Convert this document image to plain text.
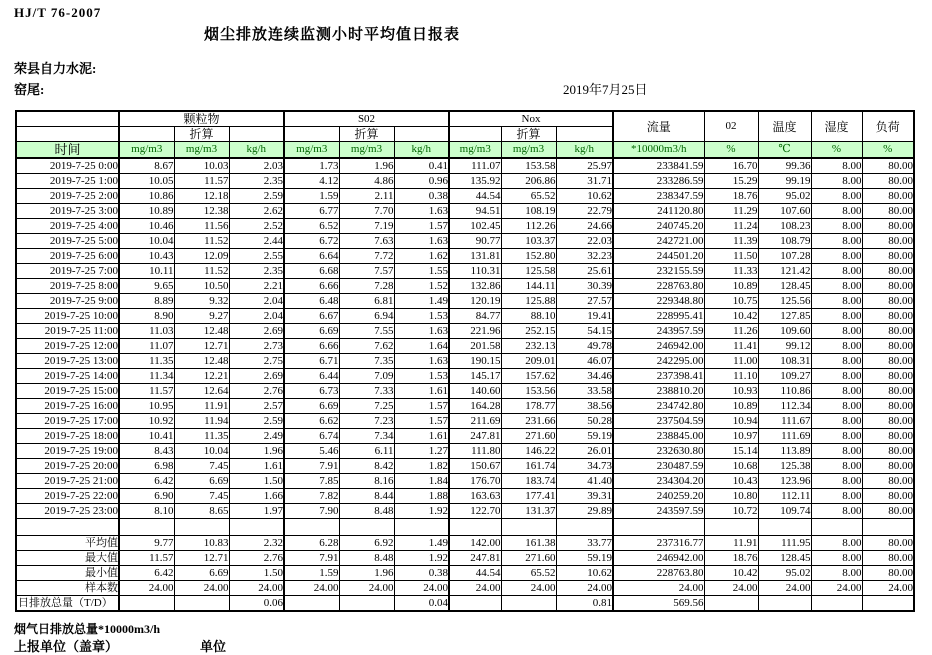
HJ/T 76-2007
烟尘排放连续监测小时平均值日报表
荣县自力水泥:
窑尾:	2019年7月25日
	颗粒物			S02			Nox			流量	02	温度	湿度	负荷
		折算			折算			折算						
时间	mg/m3	mg/m3	kg/h	mg/m3	mg/m3	kg/h	mg/m3	mg/m3	kg/h	*10000m3/h	%	℃	%	%
2019-7-25 0:00	8.67	10.03	2.03	1.73	1.96	0.41	111.07	153.58	25.97	233841.59	16.70	99.36	8.00	80.00
2019-7-25 1:00	10.05	11.57	2.35	4.12	4.86	0.96	135.92	206.86	31.71	233286.59	15.29	99.19	8.00	80.00
2019-7-25 2:00	10.86	12.18	2.59	1.59	2.11	0.38	44.54	65.52	10.62	238347.59	18.76	95.02	8.00	80.00
2019-7-25 3:00	10.89	12.38	2.62	6.77	7.70	1.63	94.51	108.19	22.79	241120.80	11.29	107.60	8.00	80.00
2019-7-25 4:00	10.46	11.56	2.52	6.52	7.19	1.57	102.45	112.26	24.66	240745.20	11.24	108.23	8.00	80.00
2019-7-25 5:00	10.04	11.52	2.44	6.72	7.63	1.63	90.77	103.37	22.03	242721.00	11.39	108.79	8.00	80.00
2019-7-25 6:00	10.43	12.09	2.55	6.64	7.72	1.62	131.81	152.80	32.23	244501.20	11.50	107.28	8.00	80.00
2019-7-25 7:00	10.11	11.52	2.35	6.68	7.57	1.55	110.31	125.58	25.61	232155.59	11.33	121.42	8.00	80.00
2019-7-25 8:00	9.65	10.50	2.21	6.66	7.28	1.52	132.86	144.11	30.39	228763.80	10.89	128.45	8.00	80.00
2019-7-25 9:00	8.89	9.32	2.04	6.48	6.81	1.49	120.19	125.88	27.57	229348.80	10.75	125.56	8.00	80.00
2019-7-25 10:00	8.90	9.27	2.04	6.67	6.94	1.53	84.77	88.10	19.41	228995.41	10.42	127.85	8.00	80.00
2019-7-25 11:00	11.03	12.48	2.69	6.69	7.55	1.63	221.96	252.15	54.15	243957.59	11.26	109.60	8.00	80.00
2019-7-25 12:00	11.07	12.71	2.73	6.66	7.62	1.64	201.58	232.13	49.78	246942.00	11.41	99.12	8.00	80.00
2019-7-25 13:00	11.35	12.48	2.75	6.71	7.35	1.63	190.15	209.01	46.07	242295.00	11.00	108.31	8.00	80.00
2019-7-25 14:00	11.34	12.21	2.69	6.44	7.09	1.53	145.17	157.62	34.46	237398.41	11.10	109.27	8.00	80.00
2019-7-25 15:00	11.57	12.64	2.76	6.73	7.33	1.61	140.60	153.56	33.58	238810.20	10.93	110.86	8.00	80.00
2019-7-25 16:00	10.95	11.91	2.57	6.69	7.25	1.57	164.28	178.77	38.56	234742.80	10.89	112.34	8.00	80.00
2019-7-25 17:00	10.92	11.94	2.59	6.62	7.23	1.57	211.69	231.66	50.28	237504.59	10.94	111.67	8.00	80.00
2019-7-25 18:00	10.41	11.35	2.49	6.74	7.34	1.61	247.81	271.60	59.19	238845.00	10.97	111.69	8.00	80.00
2019-7-25 19:00	8.43	10.04	1.96	5.46	6.11	1.27	111.80	146.22	26.01	232630.80	15.14	113.89	8.00	80.00
2019-7-25 20:00	6.98	7.45	1.61	7.91	8.42	1.82	150.67	161.74	34.73	230487.59	10.68	125.38	8.00	80.00
2019-7-25 21:00	6.42	6.69	1.50	7.85	8.16	1.84	176.70	183.74	41.40	234304.20	10.43	123.96	8.00	80.00
2019-7-25 22:00	6.90	7.45	1.66	7.82	8.44	1.88	163.63	177.41	39.31	240259.20	10.80	112.11	8.00	80.00
2019-7-25 23:00	8.10	8.65	1.97	7.90	8.48	1.92	122.70	131.37	29.89	243597.59	10.72	109.74	8.00	80.00

平均值	9.77	10.83	2.32	6.28	6.92	1.49	142.00	161.38	33.77	237316.77	11.91	111.95	8.00	80.00
最大值	11.57	12.71	2.76	7.91	8.48	1.92	247.81	271.60	59.19	246942.00	18.76	128.45	8.00	80.00
最小值	6.42	6.69	1.50	1.59	1.96	0.38	44.54	65.52	10.62	228763.80	10.42	95.02	8.00	80.00
样本数	24.00	24.00	24.00	24.00	24.00	24.00	24.00	24.00	24.00	24.00	24.00	24.00	24.00	24.00
日排放总量（T/D）			0.06			0.04			0.81	569.56				
烟气日排放总量*10000m3/h
上报单位（盖章）	单位
